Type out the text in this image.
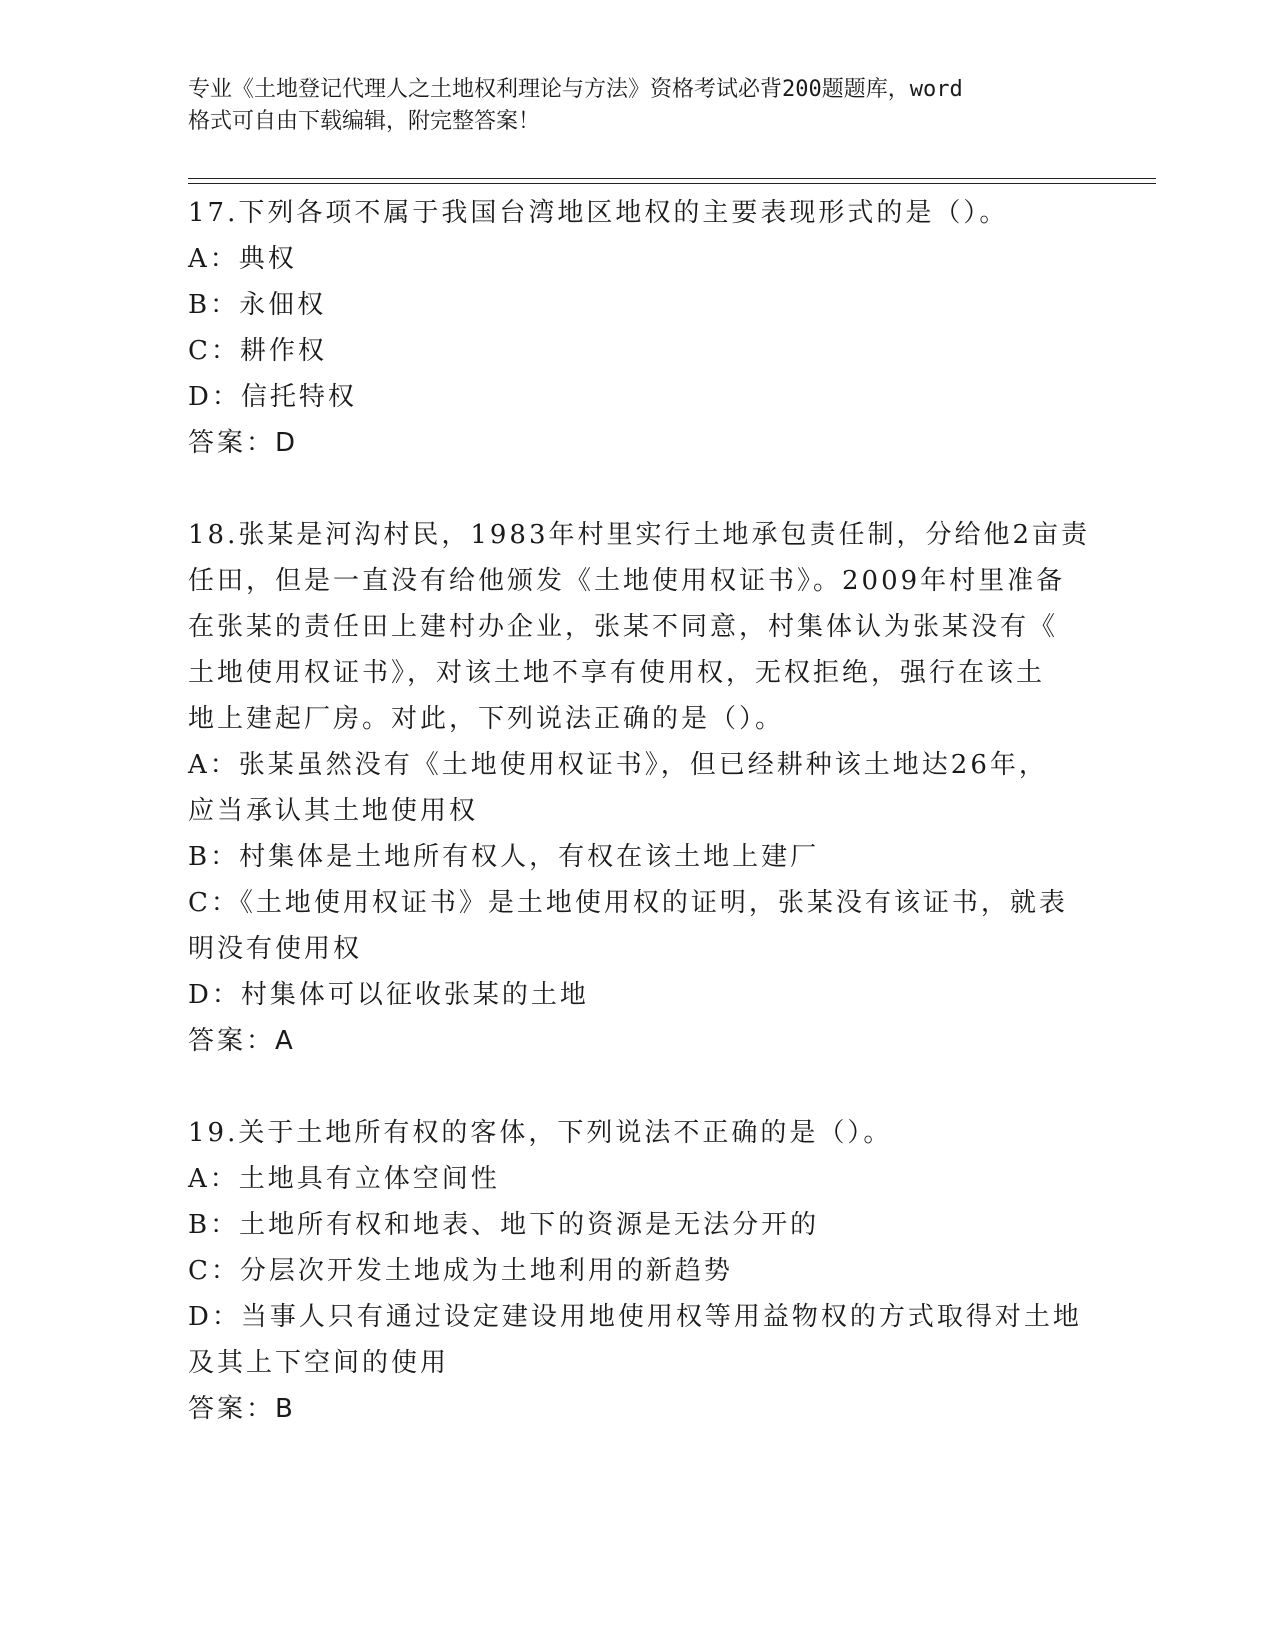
专业《土地登记代理人之土地权利理论与方法》资格考试必背200题题库，word
格式可自由下载编辑，附完整答案！
17.下列各项不属于我国台湾地区地权的主要表现形式的是（）。
A：典权
B：永佃权
C：耕作权
D：信托特权
答案：D
18.张某是河沟村民，1983年村里实行土地承包责任制，分给他2亩责
任田，但是一直没有给他颁发《土地使用权证书》。2009年村里准备
在张某的责任田上建村办企业，张某不同意，村集体认为张某没有《
土地使用权证书》，对该土地不享有使用权，无权拒绝，强行在该土
地上建起厂房。对此，下列说法正确的是（）。
A：张某虽然没有《土地使用权证书》，但已经耕种该土地达26年，
应当承认其土地使用权
B：村集体是土地所有权人，有权在该土地上建厂
C：《土地使用权证书》是土地使用权的证明，张某没有该证书，就表
明没有使用权
D：村集体可以征收张某的土地
答案：A
19.关于土地所有权的客体，下列说法不正确的是（）。
A：土地具有立体空间性
B：土地所有权和地表、地下的资源是无法分开的
C：分层次开发土地成为土地利用的新趋势
D：当事人只有通过设定建设用地使用权等用益物权的方式取得对土地
及其上下空间的使用
答案：B
